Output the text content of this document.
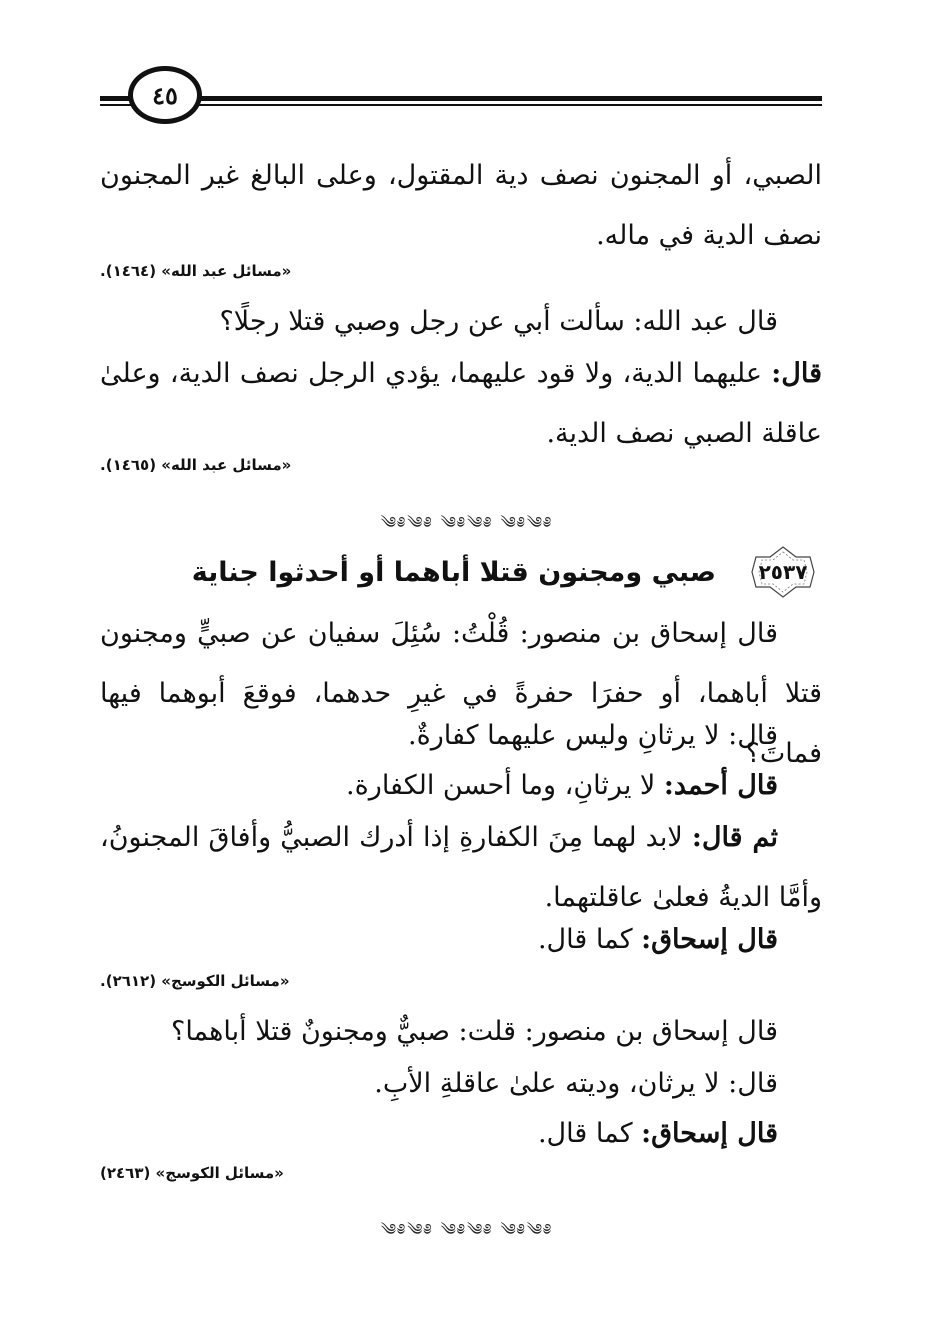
٤٥

الصبي، أو المجنون نصف دية المقتول، وعلى البالغ غير المجنون نصف الدية في ماله.

«مسائل عبد الله» (١٤٦٤).

قال عبد الله: سألت أبي عن رجل وصبي قتلا رجلًا؟

قال: عليهما الدية، ولا قود عليهما، يؤدي الرجل نصف الدية، وعلىٰ عاقلة الصبي نصف الدية.

«مسائل عبد الله» (١٤٦٥).
༄༅༄༅ ༄༅༄༅ ༄༅༄༅
٢٥٣٧
صبي ومجنون قتلا أباهما أو أحدثوا جناية

قال إسحاق بن منصور: قُلْتُ: سُئِلَ سفيان عن صبيٍّ ومجنون قتلا أباهما، أو حفرَا حفرةً في غيرِ حدهما، فوقعَ أبوهما فيها فماتَ؟

قال: لا يرثانِ وليس عليهما كفارةٌ.

قال أحمد: لا يرثانِ، وما أحسن الكفارة.

ثم قال: لابد لهما مِنَ الكفارةِ إذا أدرك الصبيُّ وأفاقَ المجنونُ، وأمَّا الديةُ فعلىٰ عاقلتهما.

قال إسحاق: كما قال.

«مسائل الكوسج» (٢٦١٢).

قال إسحاق بن منصور: قلت: صبيٌّ ومجنونٌ قتلا أباهما؟

قال: لا يرثان، وديته علىٰ عاقلةِ الأبِ.

قال إسحاق: كما قال.

«مسائل الكوسج» (٢٤٦٣)
༄༅༄༅ ༄༅༄༅ ༄༅༄༅
